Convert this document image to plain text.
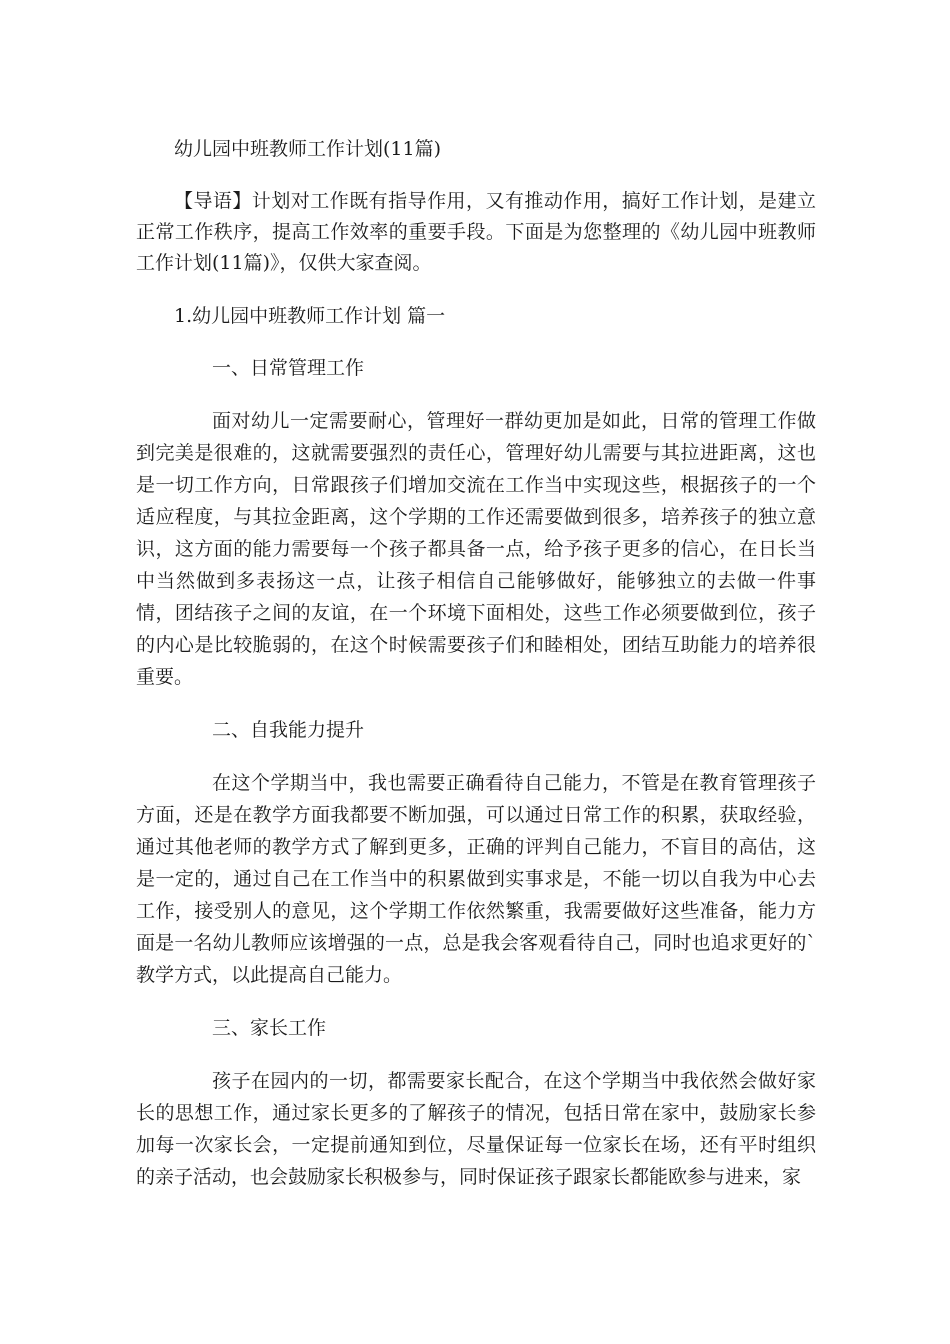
幼儿园中班教师工作计划(11篇)

【导语】计划对工作既有指导作用，又有推动作用，搞好工作计划，是建立正常工作秩序，提高工作效率的重要手段。下面是为您整理的《幼儿园中班教师工作计划(11篇)》，仅供大家查阅。

1.幼儿园中班教师工作计划 篇一
一、日常管理工作

面对幼儿一定需要耐心，管理好一群幼更加是如此，日常的管理工作做到完美是很难的，这就需要强烈的责任心，管理好幼儿需要与其拉进距离，这也是一切工作方向，日常跟孩子们增加交流在工作当中实现这些，根据孩子的一个适应程度，与其拉金距离，这个学期的工作还需要做到很多，培养孩子的独立意识，这方面的能力需要每一个孩子都具备一点，给予孩子更多的信心，在日长当中当然做到多表扬这一点，让孩子相信自己能够做好，能够独立的去做一件事情，团结孩子之间的友谊，在一个环境下面相处，这些工作必须要做到位，孩子的内心是比较脆弱的，在这个时候需要孩子们和睦相处，团结互助能力的培养很重要。

二、自我能力提升

在这个学期当中，我也需要正确看待自己能力，不管是在教育管理孩子方面，还是在教学方面我都要不断加强，可以通过日常工作的积累，获取经验，通过其他老师的教学方式了解到更多，正确的评判自己能力，不盲目的高估，这是一定的，通过自己在工作当中的积累做到实事求是，不能一切以自我为中心去工作，接受别人的意见，这个学期工作依然繁重，我需要做好这些准备，能力方面是一名幼儿教师应该增强的一点，总是我会客观看待自己，同时也追求更好的`教学方式，以此提高自己能力。

三、家长工作

孩子在园内的一切，都需要家长配合，在这个学期当中我依然会做好家长的思想工作，通过家长更多的了解孩子的情况，包括日常在家中，鼓励家长参加每一次家长会，一定提前通知到位，尽量保证每一位家长在场，还有平时组织的亲子活动，也会鼓励家长积极参与，同时保证孩子跟家长都能欧参与进来，家
